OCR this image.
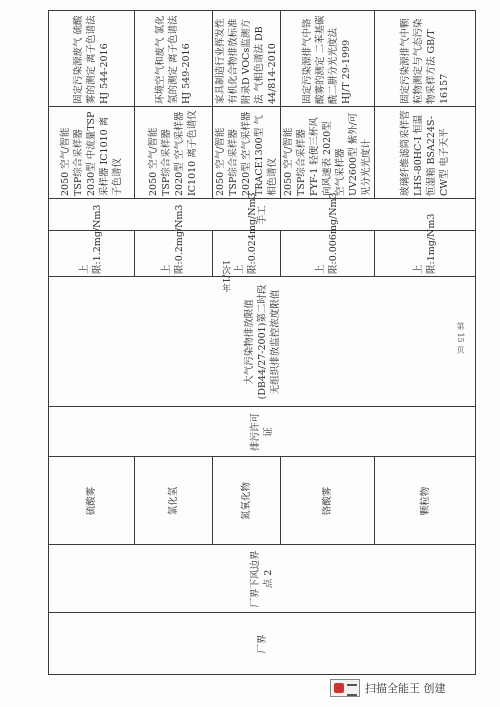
厂界
厂界下风边界点 2
排污许可证
大气污染物排放限值(DB44/27-2001)第二时段无组织排放监控浓度限值
手工
硫酸雾
上限:1.2mg/Nm3
2050 空气/智能TSP综合采样器 2030型 中流量TSP采样器 IC1010 离子色谱仪
固定污染源废气 硫酸雾的测定 离子色谱法 HJ 544-2016
氯化氢
上限:0.2mg/Nm3
2050 空气/智能TSP综合采样器 2020型 空气采样器 IC1010 离子色谱仪
环境空气和废气 氯化氢的测定 离子色谱法 HJ 549-2016
氮氧化物
上限:0.024mg/Nm3
2050 空气/智能TSP综合采样器 2020型 空气采样器 TRACE1300型 气相色谱仪
家具制造行业挥发性有机化合物排放标准 附录D VOCs监测方法 气相色谱法 DB 44/814-2010
铬酸雾
上限:0.006mg/Nm3
2050 空气/智能TSP综合采样器 FYF-1 轻便三杯风向风速表 2020型 空气采样器 UV2600型 紫外/可见分光光度计
固定污染源排气中铬酸雾的测定 二苯基碳酰二肼分光光度法 HJ/T 29-1999
颗粒物
上限:1mg/Nm3
玻璃纤维滤筒采样管 LHS-80HC-Ⅰ 恒温恒湿箱 BSA224S-CW型 电子天平
固定污染源排气中颗粒物测定与气态污染物采样方法 GB/T 16157
1次/1年
第 15 页
扫描全能王 创建
